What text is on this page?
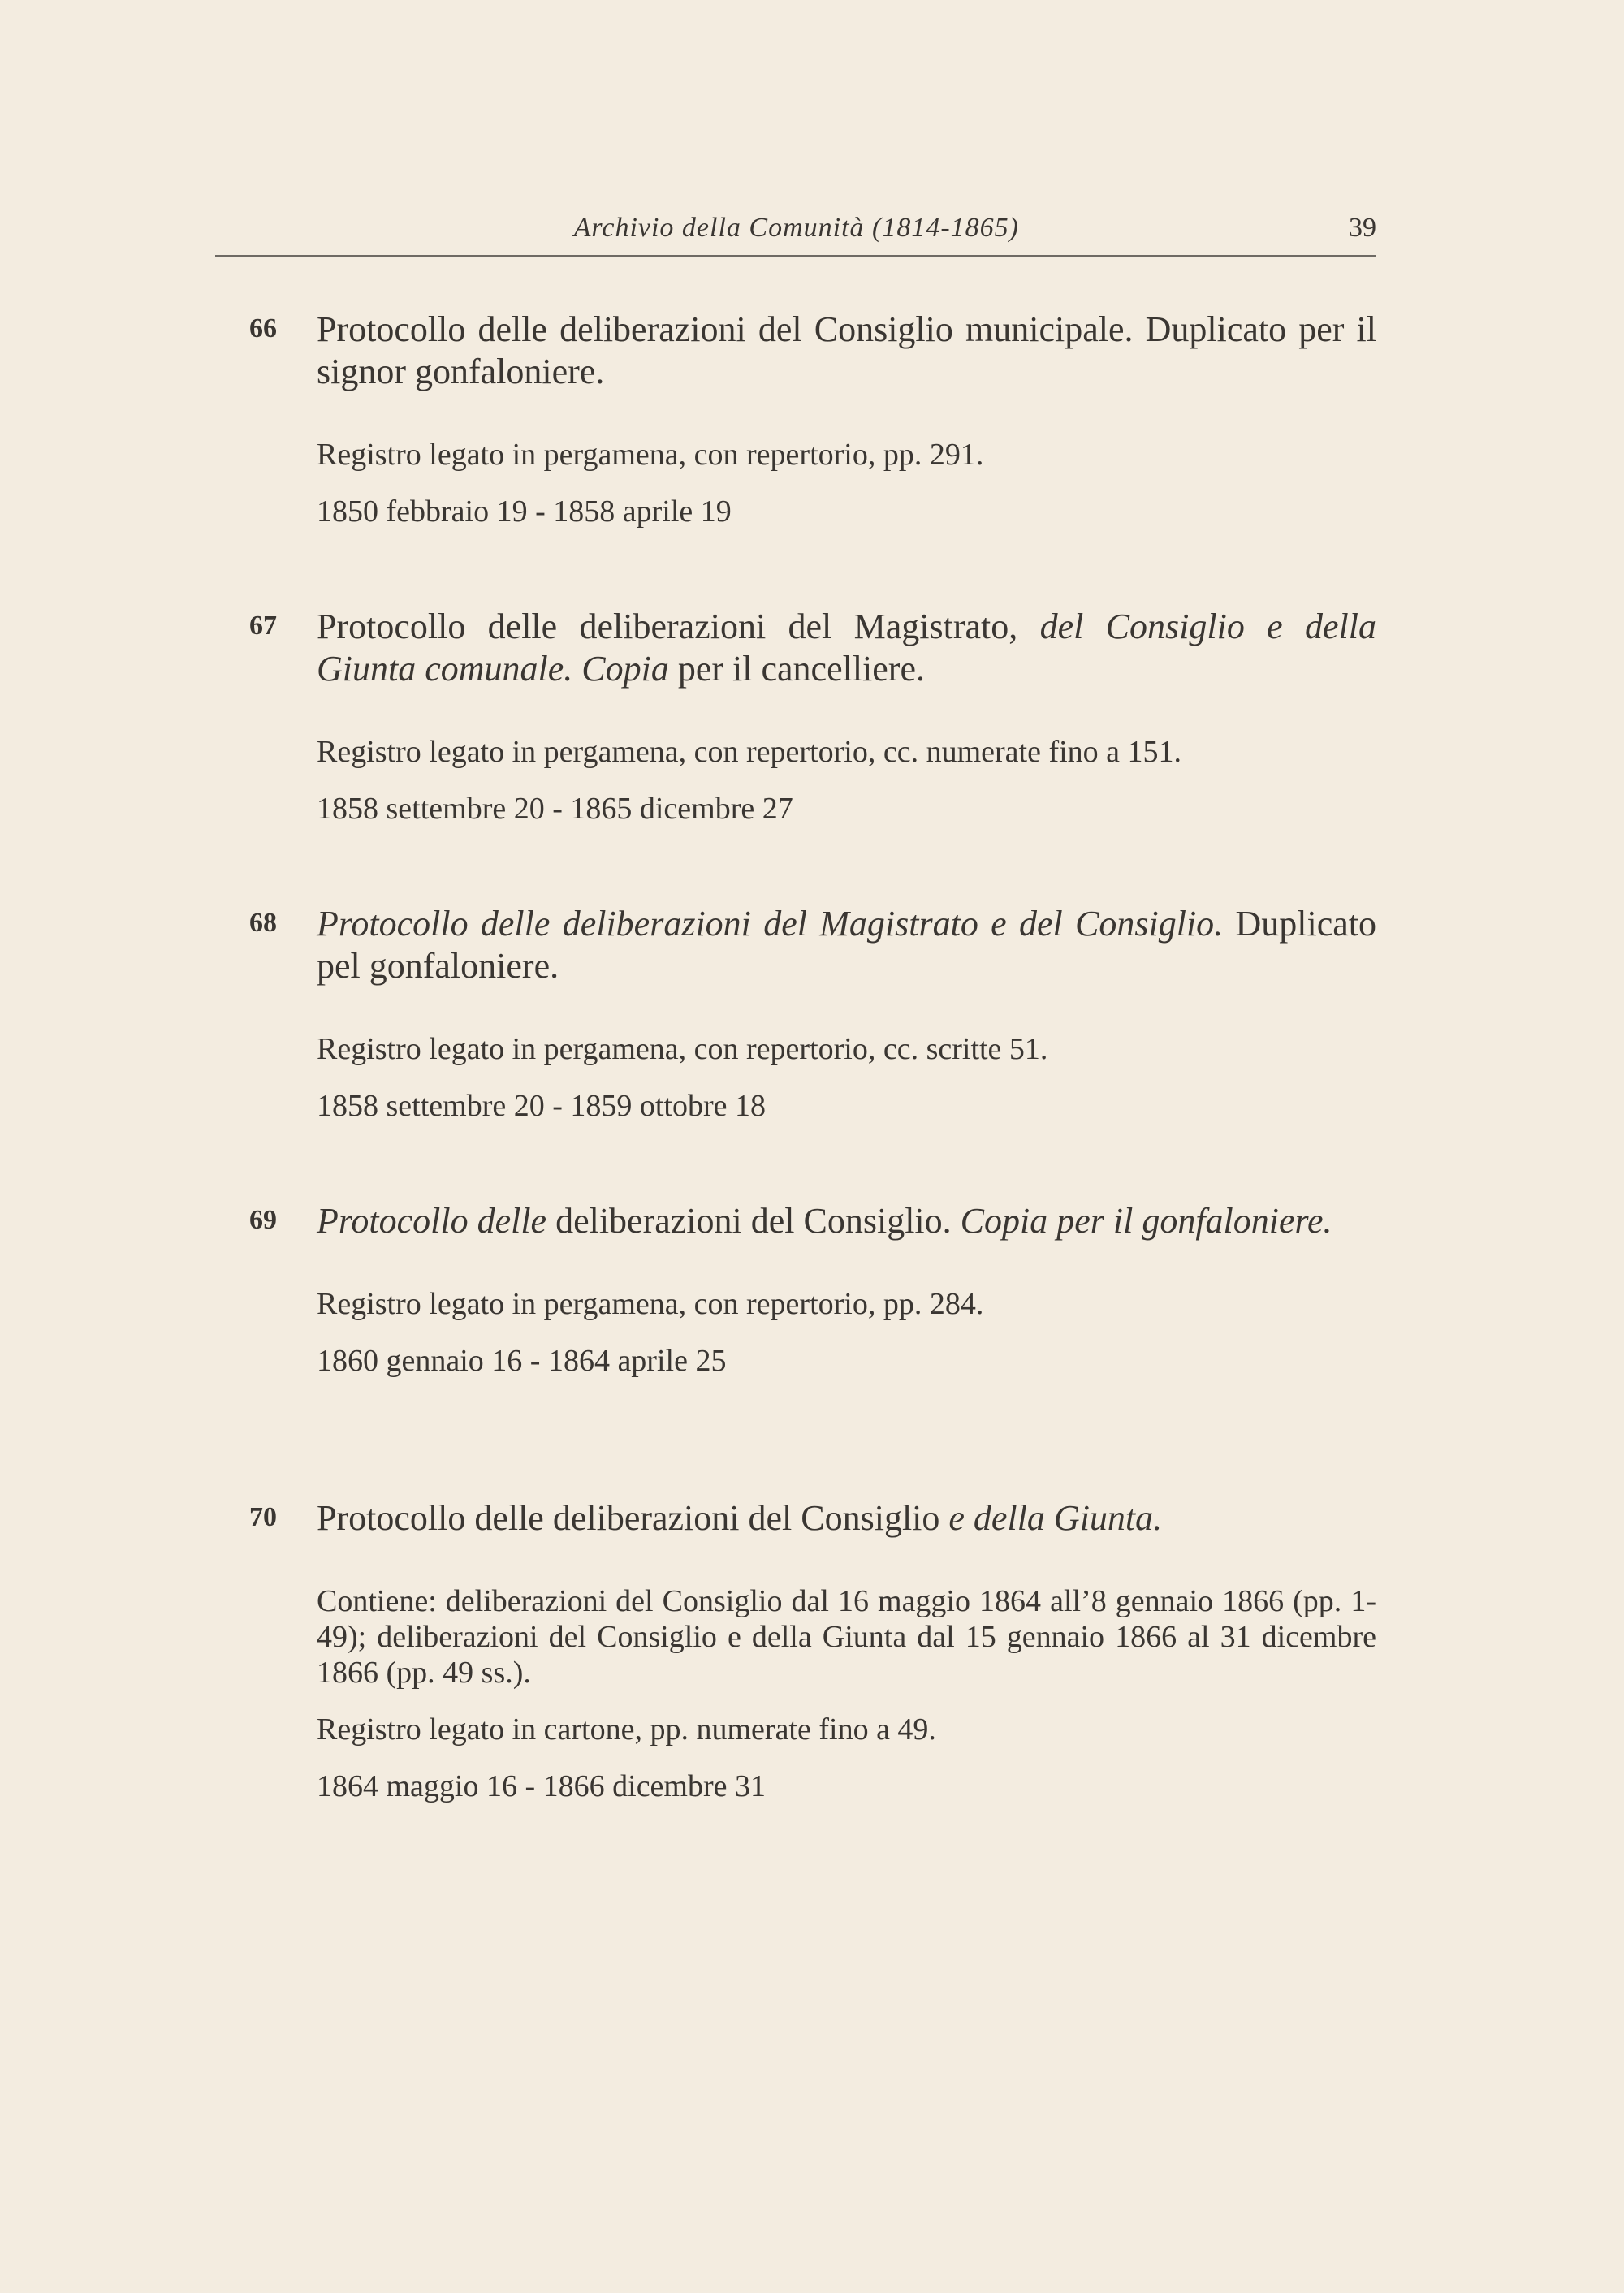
Archivio della Comunità (1814-1865)	39
66 Protocollo delle deliberazioni del Consiglio municipale. Duplicato per il signor gonfaloniere.

Registro legato in pergamena, con repertorio, pp. 291.

1850 febbraio 19 - 1858 aprile 19

67 Protocollo delle deliberazioni del Magistrato, del Consiglio e della Giunta comunale. Copia per il cancelliere.

Registro legato in pergamena, con repertorio, cc. numerate fino a 151.

1858 settembre 20 - 1865 dicembre 27

68 Protocollo delle deliberazioni del Magistrato e del Consiglio. Duplicato pel gonfaloniere.

Registro legato in pergamena, con repertorio, cc. scritte 51.

1858 settembre 20 - 1859 ottobre 18

69 Protocollo delle deliberazioni del Consiglio. Copia per il gonfaloniere.

Registro legato in pergamena, con repertorio, pp. 284.

1860 gennaio 16 - 1864 aprile 25

70 Protocollo delle deliberazioni del Consiglio e della Giunta.

Contiene: deliberazioni del Consiglio dal 16 maggio 1864 all’8 gennaio 1866 (pp. 1-49); deliberazioni del Consiglio e della Giunta dal 15 gennaio 1866 al 31 dicembre 1866 (pp. 49 ss.).

Registro legato in cartone, pp. numerate fino a 49.

1864 maggio 16 - 1866 dicembre 31
